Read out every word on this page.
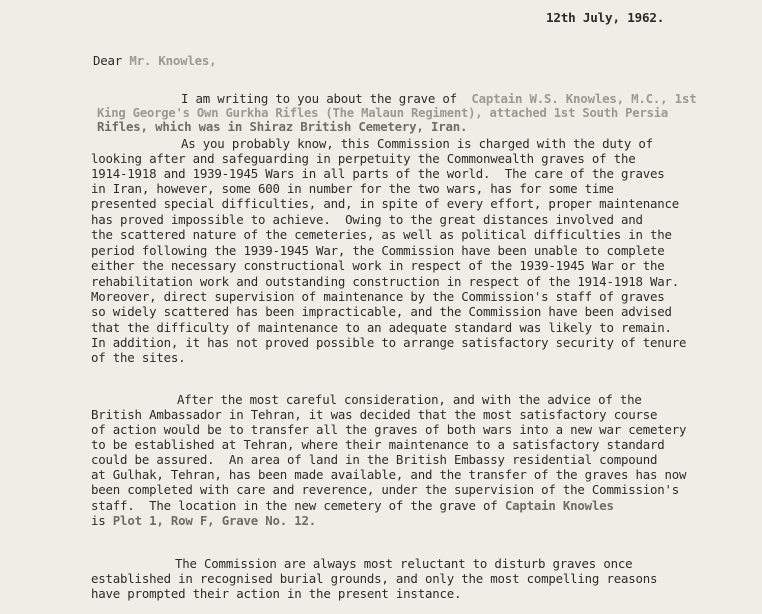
12th July, 1962.
Dear Mr. Knowles,
I am writing to you about the grave of Captain W.S. Knowles, M.C., 1st
King George's Own Gurkha Rifles (The Malaun Regiment), attached 1st South Persia
Rifles, which was in Shiraz British Cemetery, Iran.
As you probably know, this Commission is charged with the duty of
looking after and safeguarding in perpetuity the Commonwealth graves of the
1914-1918 and 1939-1945 Wars in all parts of the world.  The care of the graves
in Iran, however, some 600 in number for the two wars, has for some time
presented special difficulties, and, in spite of every effort, proper maintenance
has proved impossible to achieve.  Owing to the great distances involved and
the scattered nature of the cemeteries, as well as political difficulties in the
period following the 1939-1945 War, the Commission have been unable to complete
either the necessary constructional work in respect of the 1939-1945 War or the
rehabilitation work and outstanding construction in respect of the 1914-1918 War.
Moreover, direct supervision of maintenance by the Commission's staff of graves
so widely scattered has been impracticable, and the Commission have been advised
that the difficulty of maintenance to an adequate standard was likely to remain.
In addition, it has not proved possible to arrange satisfactory security of tenure
of the sites.
After the most careful consideration, and with the advice of the
British Ambassador in Tehran, it was decided that the most satisfactory course
of action would be to transfer all the graves of both wars into a new war cemetery
to be established at Tehran, where their maintenance to a satisfactory standard
could be assured.  An area of land in the British Embassy residential compound
at Gulhak, Tehran, has been made available, and the transfer of the graves has now
been completed with care and reverence, under the supervision of the Commission's
staff.  The location in the new cemetery of the grave of Captain Knowles
is Plot 1, Row F, Grave No. 12.
The Commission are always most reluctant to disturb graves once
established in recognised burial grounds, and only the most compelling reasons
have prompted their action in the present instance.
